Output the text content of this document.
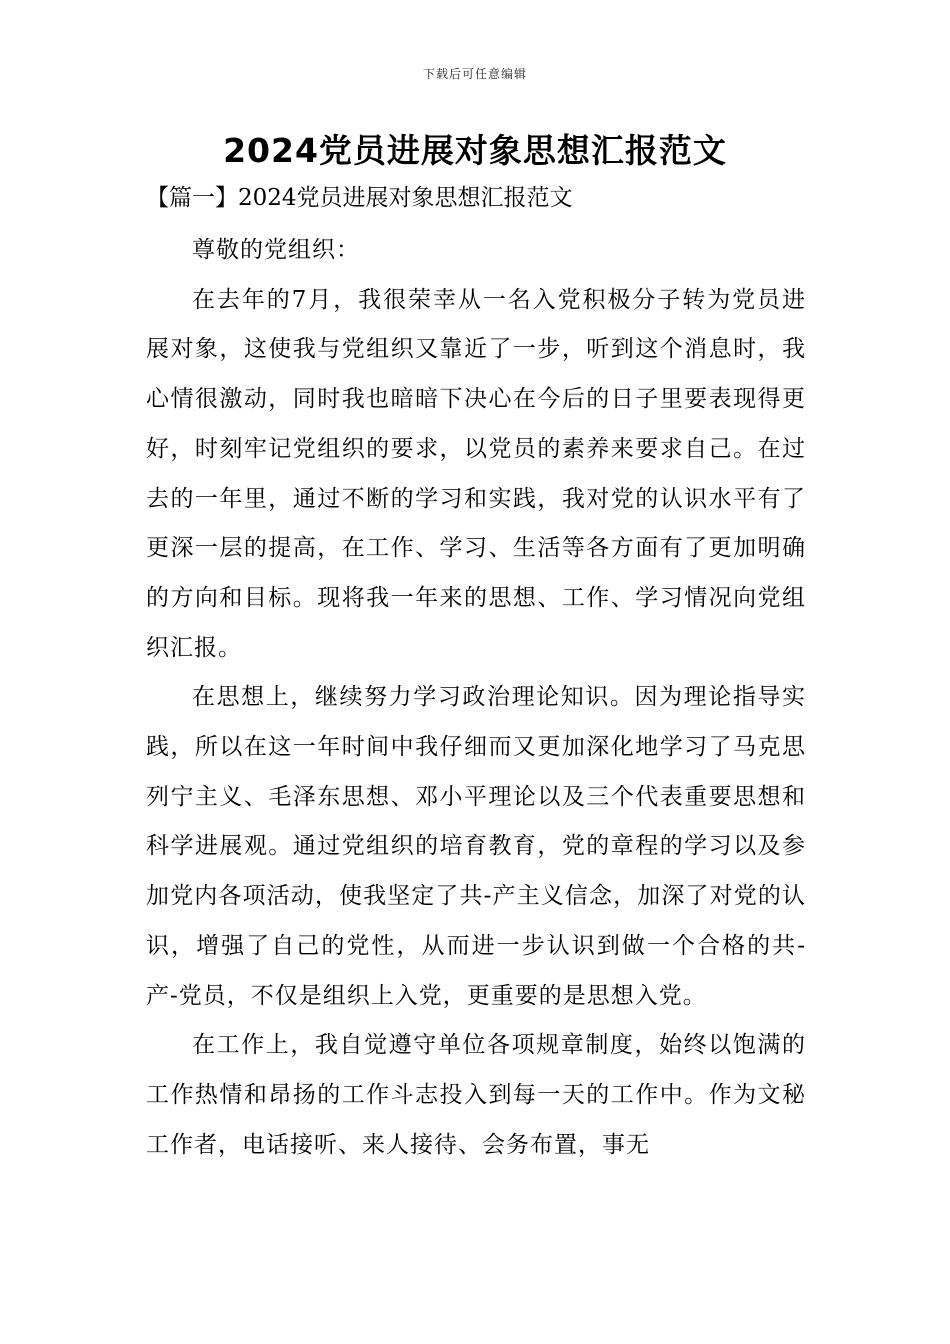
下载后可任意编辑
2024党员进展对象思想汇报范文
【篇一】2024党员进展对象思想汇报范文

尊敬的党组织：

在去年的7月，我很荣幸从一名入党积极分子转为党员进展对象，这使我与党组织又靠近了一步，听到这个消息时，我心情很激动，同时我也暗暗下决心在今后的日子里要表现得更好，时刻牢记党组织的要求，以党员的素养来要求自己。在过去的一年里，通过不断的学习和实践，我对党的认识水平有了更深一层的提高，在工作、学习、生活等各方面有了更加明确的方向和目标。现将我一年来的思想、工作、学习情况向党组织汇报。

在思想上，继续努力学习政治理论知识。因为理论指导实践，所以在这一年时间中我仔细而又更加深化地学习了马克思列宁主义、毛泽东思想、邓小平理论以及三个代表重要思想和科学进展观。通过党组织的培育教育，党的章程的学习以及参加党内各项活动，使我坚定了共-产主义信念，加深了对党的认识，增强了自己的党性，从而进一步认识到做一个合格的共-产-党员，不仅是组织上入党，更重要的是思想入党。

在工作上，我自觉遵守单位各项规章制度，始终以饱满的工作热情和昂扬的工作斗志投入到每一天的工作中。作为文秘工作者，电话接听、来人接待、会务布置，事无
